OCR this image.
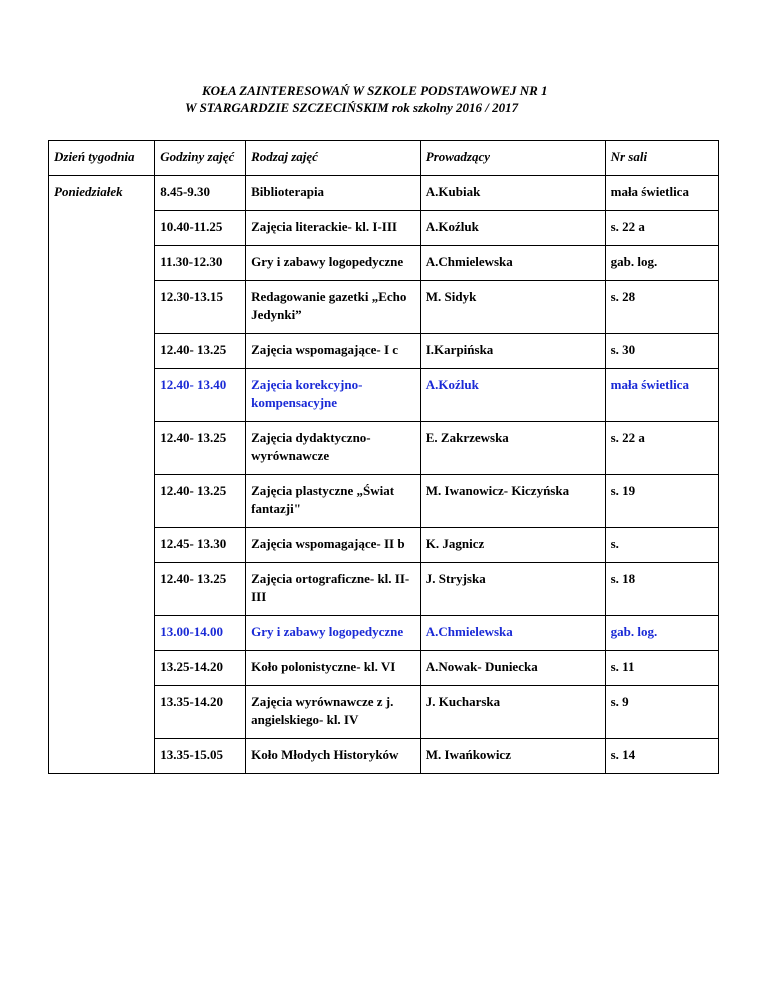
KOŁA ZAINTERESOWAŃ W SZKOLE PODSTAWOWEJ NR 1
W STARGARDZIE SZCZECIŃSKIM rok szkolny 2016 / 2017
Dzień tygodnia	Godziny zajęć	Rodzaj zajęć	Prowadzący	Nr sali
Poniedziałek	8.45-9.30	Biblioterapia	A.Kubiak	mała świetlica
	10.40-11.25	Zajęcia literackie- kl. I-III	A.Koźluk	s. 22 a
	11.30-12.30	Gry i zabawy logopedyczne	A.Chmielewska	gab. log.
	12.30-13.15	Redagowanie gazetki „Echo Jedynki”	M. Sidyk	s. 28
	12.40- 13.25	Zajęcia wspomagające- I c	I.Karpińska	s. 30
	12.40- 13.40	Zajęcia korekcyjno- kompensacyjne	A.Koźluk	mała świetlica
	12.40- 13.25	Zajęcia dydaktyczno- wyrównawcze	E. Zakrzewska	s. 22 a
	12.40- 13.25	Zajęcia plastyczne „Świat fantazji"	M. Iwanowicz- Kiczyńska	s. 19
	12.45- 13.30	Zajęcia wspomagające- II b	K. Jagnicz	s.
	12.40- 13.25	Zajęcia ortograficzne- kl. II-III	J. Stryjska	s. 18
	13.00-14.00	Gry i zabawy logopedyczne	A.Chmielewska	gab. log.
	13.25-14.20	Koło polonistyczne- kl. VI	A.Nowak- Duniecka	s. 11
	13.35-14.20	Zajęcia wyrównawcze z j. angielskiego- kl. IV	J. Kucharska	s. 9
	13.35-15.05	Koło Młodych Historyków	M. Iwańkowicz	s. 14
